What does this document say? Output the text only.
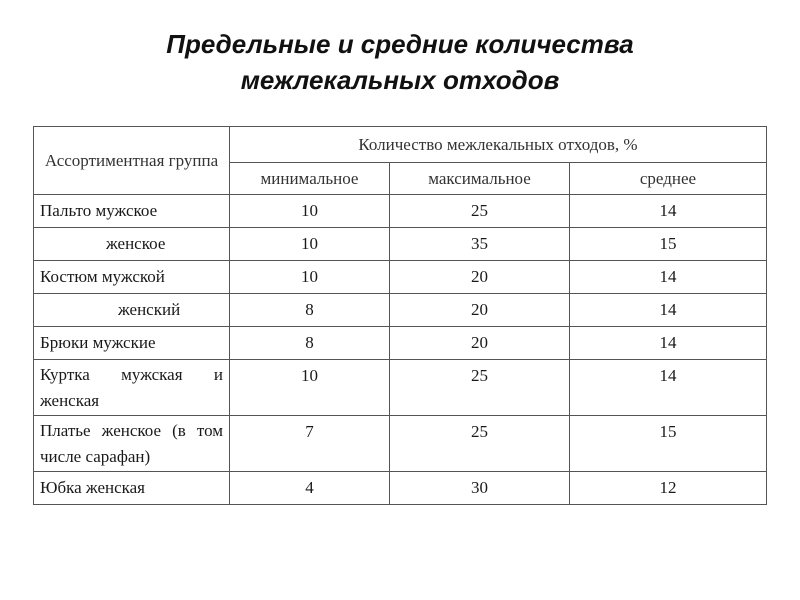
Предельные и средние количества
межлекальных отходов
Ассортиментная группа	Количество межлекальных отходов, %		
	минимальное	максимальное	среднее
Пальто мужское	10	25	14
женское	10	35	15
Костюм мужской	10	20	14
женский	8	20	14
Брюки мужские	8	20	14
Куртка мужская и женская	10	25	14
Платье женское (в том числе сарафан)	7	25	15
Юбка женская	4	30	12
